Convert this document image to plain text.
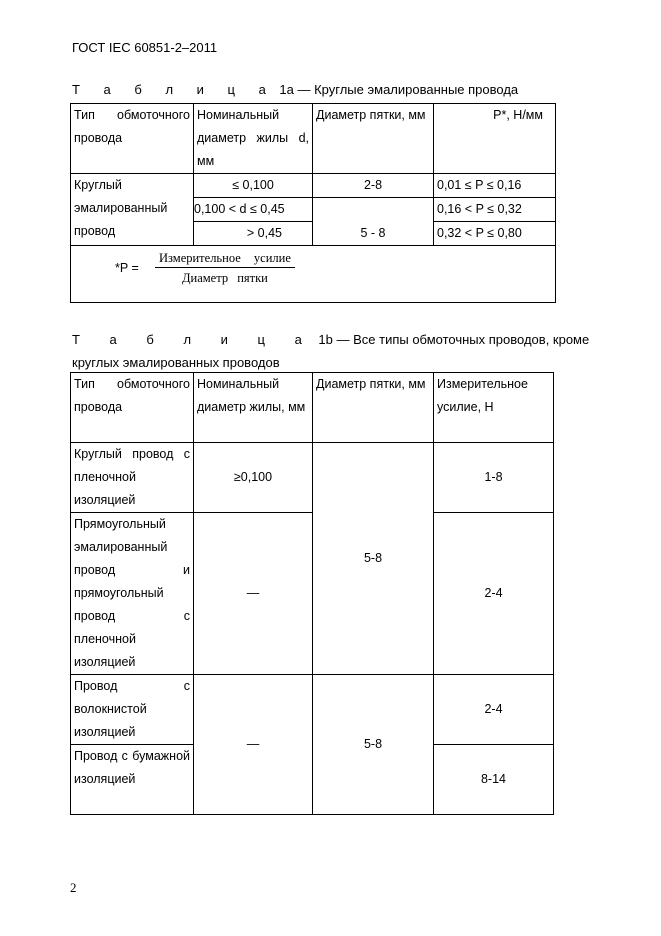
ГОСТ IEC 60851-2–2011
Т а б л и ц а 1а — Круглые эмалированные провода
Тип обмоточного провода	Номинальный диаметр жилы d, мм	Диаметр пятки, мм	P*, Н/мм
Круглый эмалированный провод	≤ 0,100	2-8	0,01 ≤ P ≤ 0,16
	0,100 < d ≤ 0,45		0,16 < P ≤ 0,32
	> 0,45	5 - 8	0,32 < P ≤ 0,80

*P =
Измерительное усилие
Диаметр пятки			
Т а б л и ц а 1b — Все типы обмоточных проводов, кроме круглых эмалированных проводов
Тип обмоточного провода	Номинальный диаметр жилы, мм	Диаметр пятки, мм	Измерительное усилие, Н
Круглый провод с пленочной изоляцией	≥0,100	5-8	1-8
Прямоугольный эмалированный провод и прямоугольный провод с пленочной изоляцией	—		2-4
Провод с волокнистой изоляцией	—	5-8	2-4
Провод с бумажной изоляцией			8-14
2
